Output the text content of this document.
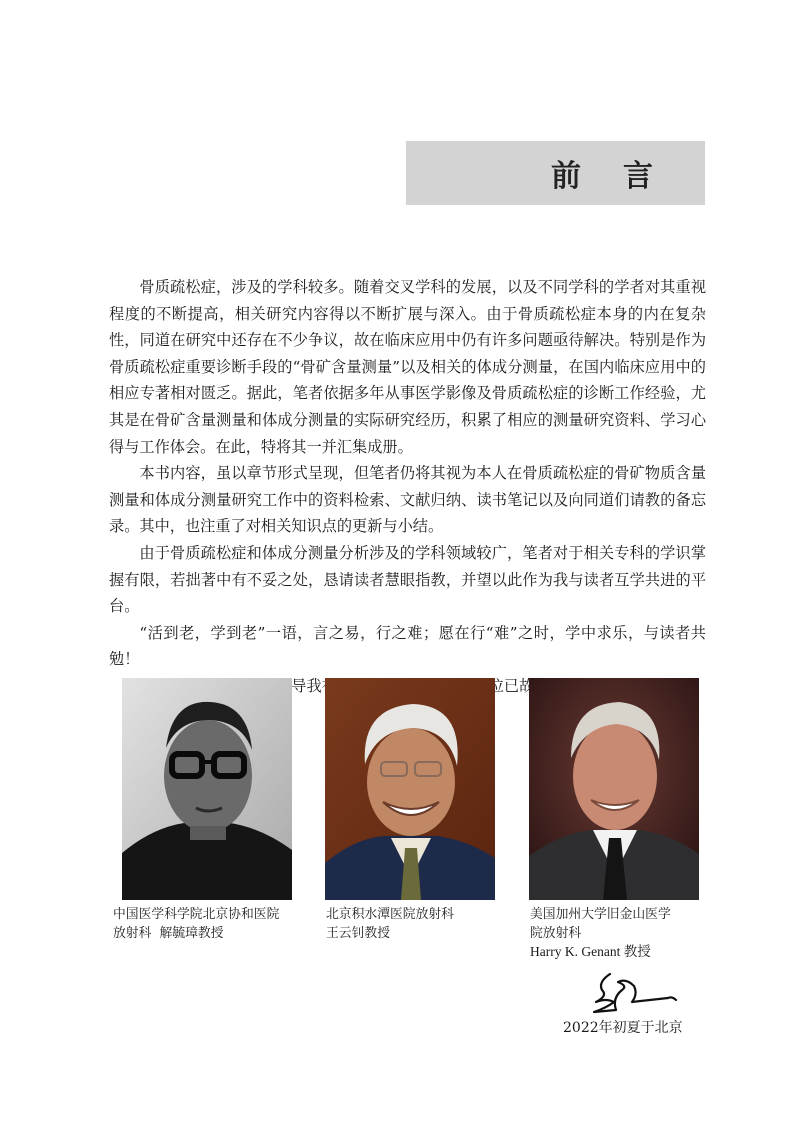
前言

骨质疏松症，涉及的学科较多。随着交叉学科的发展，以及不同学科的学者对其重视程度的不断提高，相关研究内容得以不断扩展与深入。由于骨质疏松症本身的内在复杂性，同道在研究中还存在不少争议，故在临床应用中仍有许多问题亟待解决。特别是作为骨质疏松症重要诊断手段的“骨矿含量测量”以及相关的体成分测量，在国内临床应用中的相应专著相对匮乏。据此，笔者依据多年从事医学影像及骨质疏松症的诊断工作经验，尤其是在骨矿含量测量和体成分测量的实际研究经历，积累了相应的测量研究资料、学习心得与工作体会。在此，特将其一并汇集成册。

本书内容，虽以章节形式呈现，但笔者仍将其视为本人在骨质疏松症的骨矿物质含量测量和体成分测量研究工作中的资料检索、文献归纳、读书笔记以及向同道们请教的备忘录。其中，也注重了对相关知识点的更新与小结。

由于骨质疏松症和体成分测量分析涉及的学科领域较广，笔者对于相关专科的学识掌握有限，若拙著中有不妥之处，恳请读者慧眼指教，并望以此作为我与读者互学共进的平台。

“活到老，学到老”一语，言之易，行之难；愿在行“难”之时，学中求乐，与读者共勉！

中国医学科学院北京协和医院
放射科  解毓璋教授
北京积水潭医院放射科
王云钊教授
美国加州大学旧金山医学
院放射科
Harry K. Genant 教授
2022年初夏于北京
